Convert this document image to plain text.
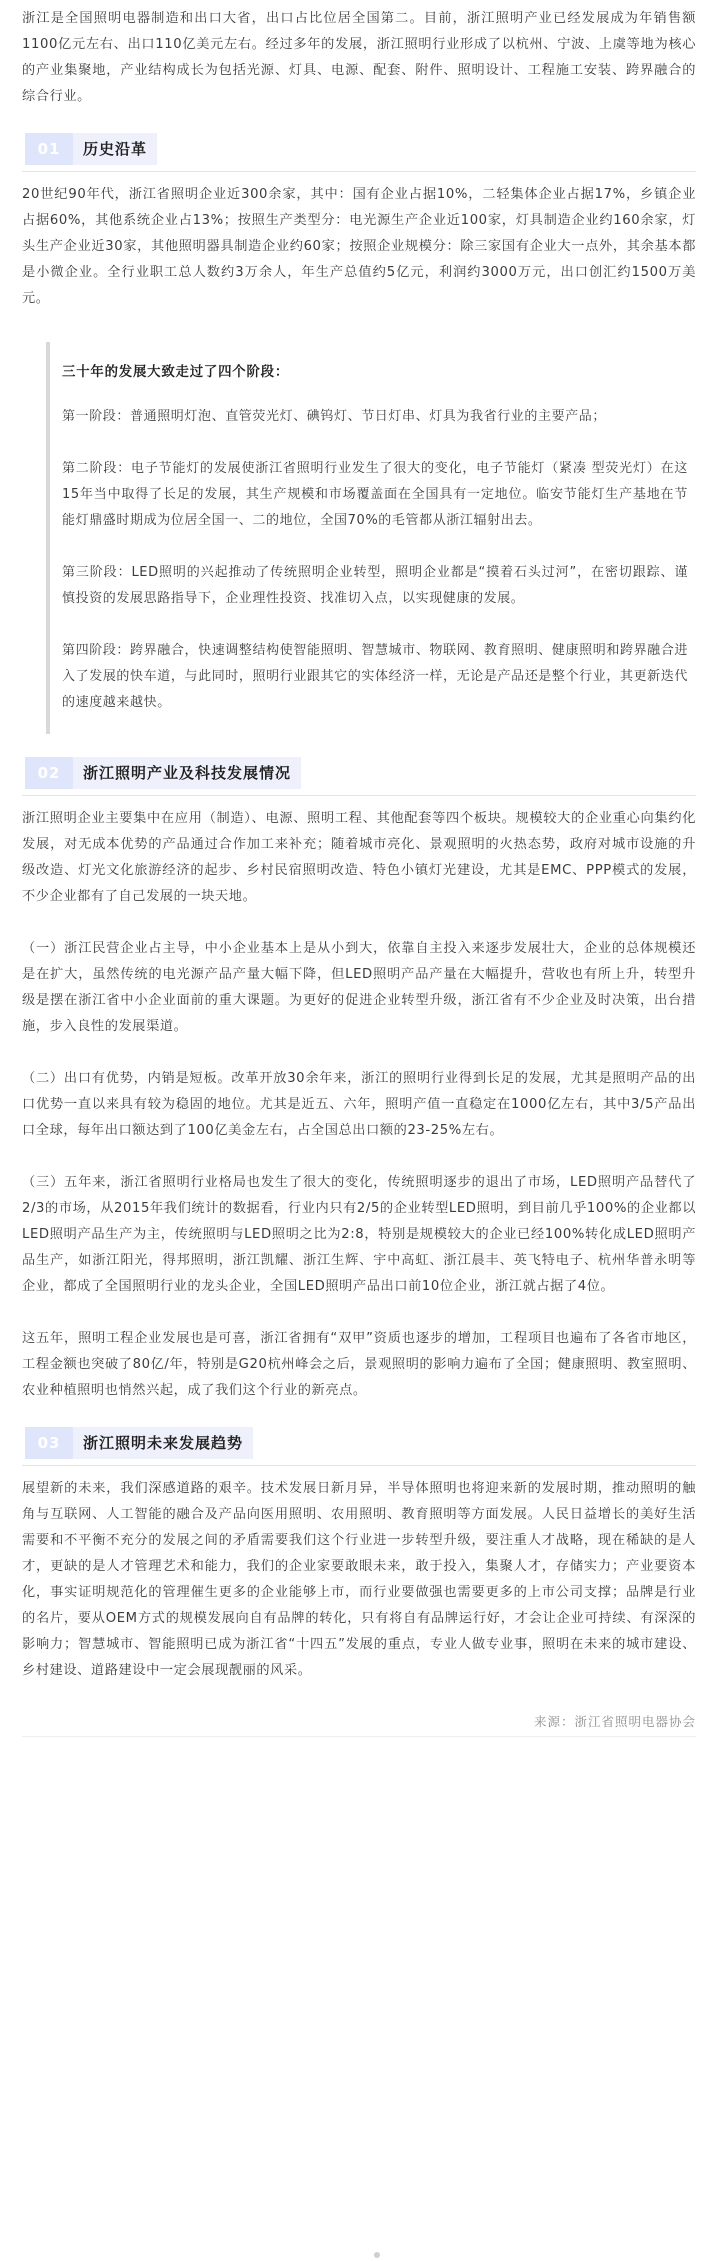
浙江是全国照明电器制造和出口大省，出口占比位居全国第二。目前，浙江照明产业已经发展成为年销售额1100亿元左右、出口110亿美元左右。经过多年的发展，浙江照明行业形成了以杭州、宁波、上虞等地为核心的产业集聚地，产业结构成长为包括光源、灯具、电源、配套、附件、照明设计、工程施工安装、跨界融合的综合行业。

01	历史沿革

20世纪90年代，浙江省照明企业近300余家，其中：国有企业占据10%，二轻集体企业占据17%，乡镇企业占据60%，其他系统企业占13%；按照生产类型分：电光源生产企业近100家，灯具制造企业约160余家，灯头生产企业近30家，其他照明器具制造企业约60家；按照企业规模分：除三家国有企业大一点外，其余基本都是小微企业。全行业职工总人数约3万余人，年生产总值约5亿元，利润约3000万元，出口创汇约1500万美元。

三十年的发展大致走过了四个阶段：

第一阶段：普通照明灯泡、直管荧光灯、碘钨灯、节日灯串、灯具为我省行业的主要产品；

第二阶段：电子节能灯的发展使浙江省照明行业发生了很大的变化，电子节能灯（紧凑 型荧光灯）在这15年当中取得了长足的发展，其生产规模和市场覆盖面在全国具有一定地位。临安节能灯生产基地在节能灯鼎盛时期成为位居全国一、二的地位，全国70%的毛管都从浙江辐射出去。

第三阶段：LED照明的兴起推动了传统照明企业转型，照明企业都是“摸着石头过河”，在密切跟踪、谨慎投资的发展思路指导下，企业理性投资、找准切入点，以实现健康的发展。

第四阶段：跨界融合，快速调整结构使智能照明、智慧城市、物联网、教育照明、健康照明和跨界融合进入了发展的快车道，与此同时，照明行业跟其它的实体经济一样，无论是产品还是整个行业，其更新迭代的速度越来越快。

02	浙江照明产业及科技发展情况

浙江照明企业主要集中在应用（制造）、电源、照明工程、其他配套等四个板块。规模较大的企业重心向集约化发展，对无成本优势的产品通过合作加工来补充；随着城市亮化、景观照明的火热态势，政府对城市设施的升级改造、灯光文化旅游经济的起步、乡村民宿照明改造、特色小镇灯光建设，尤其是EMC、PPP模式的发展，不少企业都有了自己发展的一块天地。

（一）浙江民营企业占主导，中小企业基本上是从小到大，依靠自主投入来逐步发展壮大，企业的总体规模还是在扩大，虽然传统的电光源产品产量大幅下降，但LED照明产品产量在大幅提升，营收也有所上升，转型升级是摆在浙江省中小企业面前的重大课题。为更好的促进企业转型升级，浙江省有不少企业及时决策，出台措施，步入良性的发展渠道。

（二）出口有优势，内销是短板。改革开放30余年来，浙江的照明行业得到长足的发展，尤其是照明产品的出口优势一直以来具有较为稳固的地位。尤其是近五、六年，照明产值一直稳定在1000亿左右，其中3/5产品出口全球，每年出口额达到了100亿美金左右，占全国总出口额的23-25%左右。

（三）五年来，浙江省照明行业格局也发生了很大的变化，传统照明逐步的退出了市场，LED照明产品替代了2/3的市场，从2015年我们统计的数据看，行业内只有2/5的企业转型LED照明，到目前几乎100%的企业都以LED照明产品生产为主，传统照明与LED照明之比为2:8，特别是规模较大的企业已经100%转化成LED照明产品生产，如浙江阳光，得邦照明，浙江凯耀、浙江生辉、宇中高虹、浙江晨丰、英飞特电子、杭州华普永明等企业，都成了全国照明行业的龙头企业，全国LED照明产品出口前10位企业，浙江就占据了4位。

这五年，照明工程企业发展也是可喜，浙江省拥有“双甲”资质也逐步的增加，工程项目也遍布了各省市地区，工程金额也突破了80亿/年，特别是G20杭州峰会之后，景观照明的影响力遍布了全国；健康照明、教室照明、农业种植照明也悄然兴起，成了我们这个行业的新亮点。

03	浙江照明未来发展趋势

展望新的未来，我们深感道路的艰辛。技术发展日新月异，半导体照明也将迎来新的发展时期，推动照明的触角与互联网、人工智能的融合及产品向医用照明、农用照明、教育照明等方面发展。人民日益增长的美好生活需要和不平衡不充分的发展之间的矛盾需要我们这个行业进一步转型升级，要注重人才战略，现在稀缺的是人才，更缺的是人才管理艺术和能力，我们的企业家要敢眼未来，敢于投入，集聚人才，存储实力；产业要资本化，事实证明规范化的管理催生更多的企业能够上市，而行业要做强也需要更多的上市公司支撑；品牌是行业的名片，要从OEM方式的规模发展向自有品牌的转化，只有将自有品牌运行好，才会让企业可持续、有深深的影响力；智慧城市、智能照明已成为浙江省“十四五”发展的重点，专业人做专业事，照明在未来的城市建设、乡村建设、道路建设中一定会展现靓丽的风采。

来源：浙江省照明电器协会
